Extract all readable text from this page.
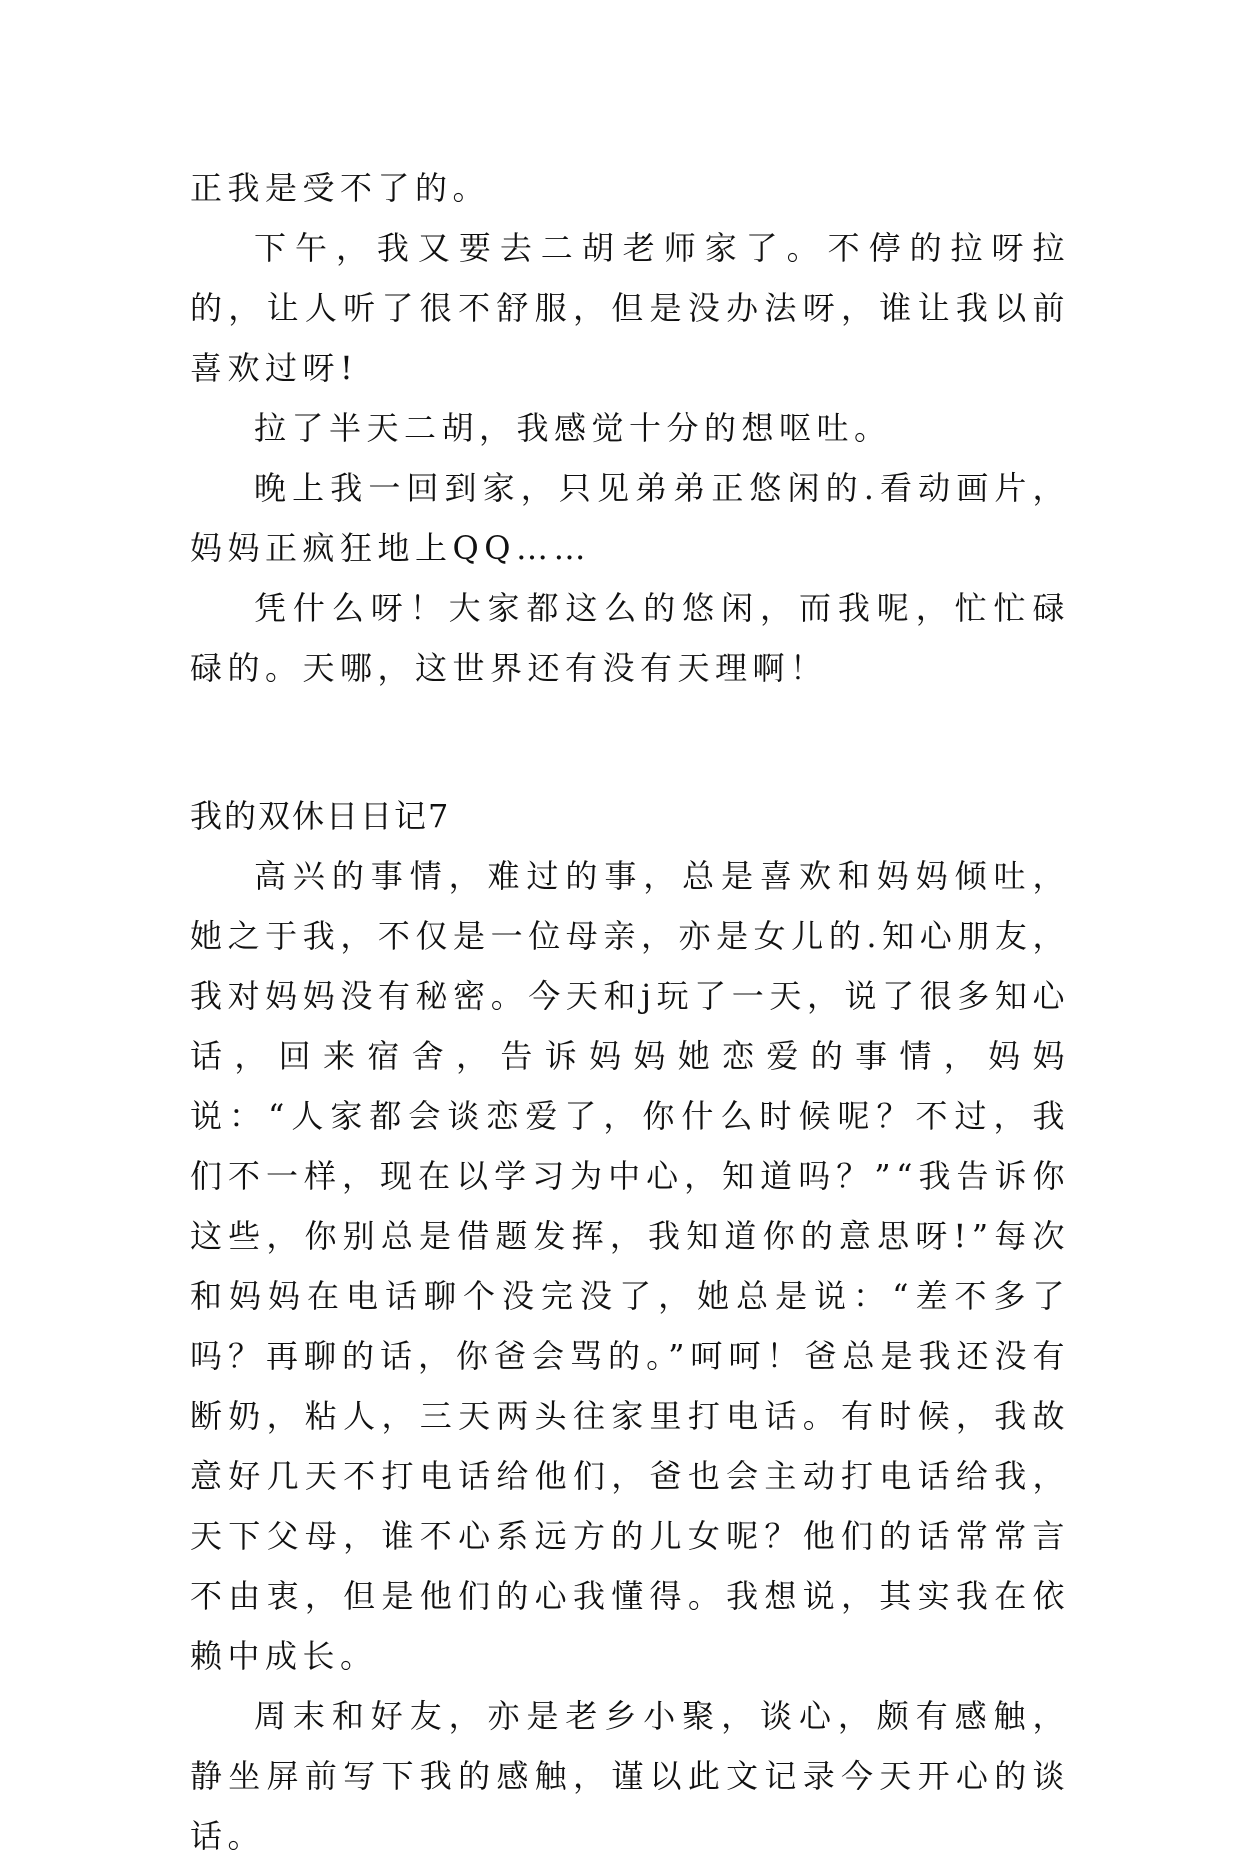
正我是受不了的。

下午，我又要去二胡老师家了。不停的拉呀拉的，让人听了很不舒服，但是没办法呀，谁让我以前喜欢过呀!

拉了半天二胡，我感觉十分的想呕吐。

晚上我一回到家，只见弟弟正悠闲的.看动画片，妈妈正疯狂地上QQ……

凭什么呀！大家都这么的悠闲，而我呢，忙忙碌碌的。天哪，这世界还有没有天理啊！

我的双休日日记7

高兴的事情，难过的事，总是喜欢和妈妈倾吐，她之于我，不仅是一位母亲，亦是女儿的.知心朋友，我对妈妈没有秘密。今天和j玩了一天，说了很多知心话，回来宿舍，告诉妈妈她恋爱的事情，妈妈说：“人家都会谈恋爱了，你什么时候呢？不过，我们不一样，现在以学习为中心，知道吗？”“我告诉你这些，你别总是借题发挥，我知道你的意思呀!”每次和妈妈在电话聊个没完没了，她总是说：“差不多了吗？再聊的话，你爸会骂的。”呵呵！爸总是我还没有断奶，粘人，三天两头往家里打电话。有时候，我故意好几天不打电话给他们，爸也会主动打电话给我，天下父母，谁不心系远方的儿女呢？他们的话常常言不由衷，但是他们的心我懂得。我想说，其实我在依赖中成长。

周末和好友，亦是老乡小聚，谈心，颇有感触，静坐屏前写下我的感触，谨以此文记录今天开心的谈话。
